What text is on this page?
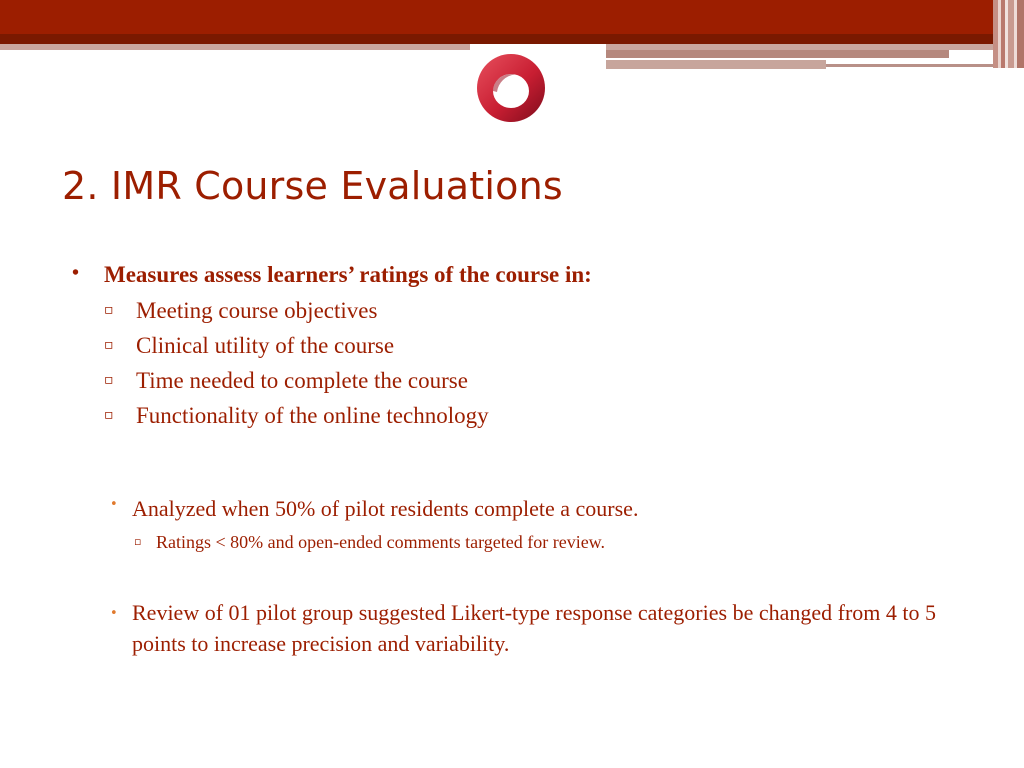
2. IMR Course Evaluations
• Measures assess learners’ ratings of the course in:
▫ Meeting course objectives
▫ Clinical utility of the course
▫ Time needed to complete the course
▫ Functionality of the online technology
• Analyzed when 50% of pilot residents complete a course.
▫ Ratings < 80% and open-ended comments targeted for review.
• Review of 01 pilot group suggested Likert-type response categories be changed from 4 to 5 points to increase precision and variability.
